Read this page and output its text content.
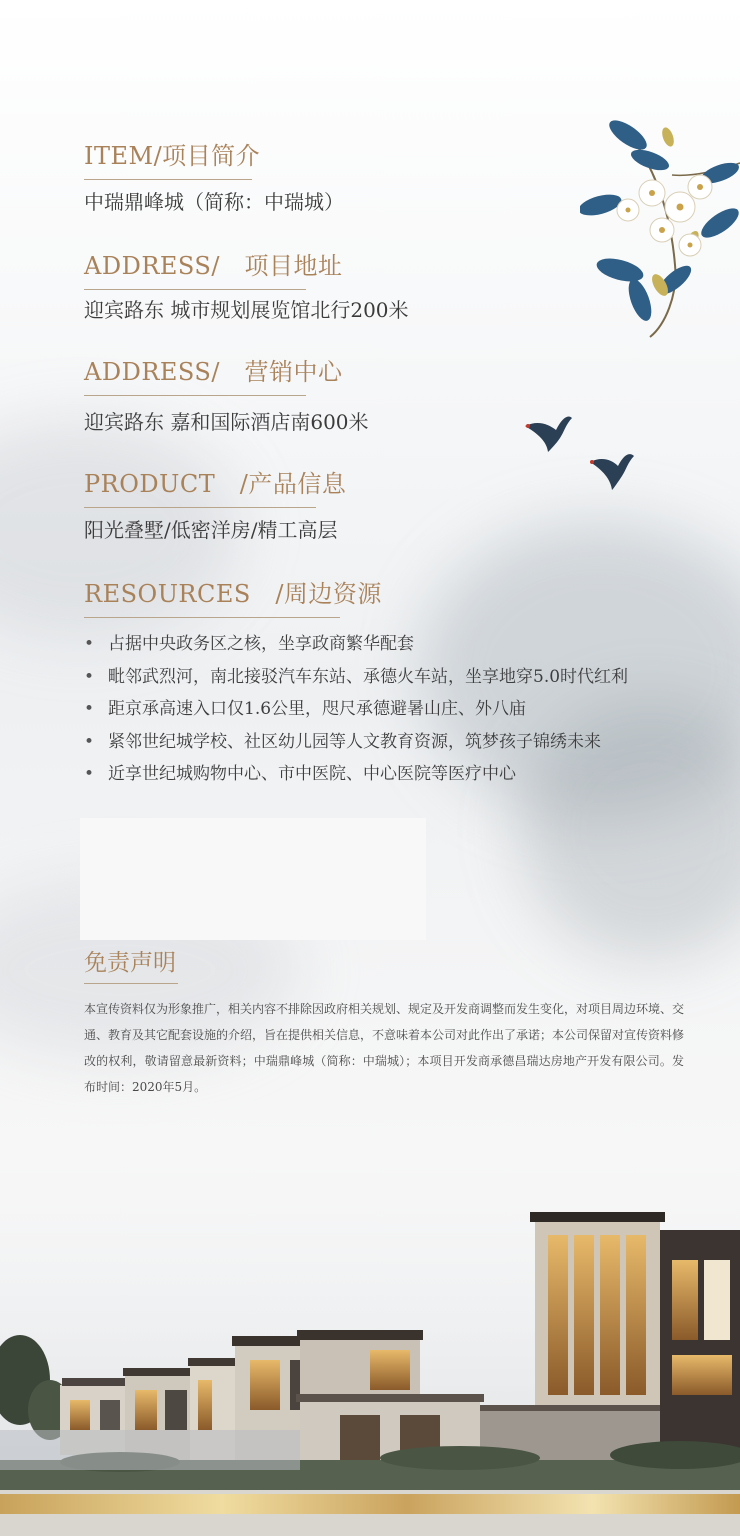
ITEM/项目简介
中瑞鼎峰城（简称：中瑞城）
ADDRESS/　项目地址
迎宾路东 城市规划展览馆北行200米
ADDRESS/　营销中心
迎宾路东 嘉和国际酒店南600米
PRODUCT　/产品信息
阳光叠墅/低密洋房/精工高层
RESOURCES　/周边资源
• 占据中央政务区之核，坐享政商繁华配套
• 毗邻武烈河，南北接驳汽车东站、承德火车站，坐享地穿5.0时代红利
• 距京承高速入口仅1.6公里，咫尺承德避暑山庄、外八庙
• 紧邻世纪城学校、社区幼儿园等人文教育资源，筑梦孩子锦绣未来
• 近享世纪城购物中心、市中医院、中心医院等医疗中心
免责声明
本宣传资料仅为形象推广，相关内容不排除因政府相关规划、规定及开发商调整而发生变化，对项目周边环境、交通、教育及其它配套设施的介绍，旨在提供相关信息，不意味着本公司对此作出了承诺；本公司保留对宣传资料修改的权利，敬请留意最新资料；中瑞鼎峰城（简称：中瑞城）；本项目开发商承德昌瑞达房地产开发有限公司。发布时间：2020年5月。
